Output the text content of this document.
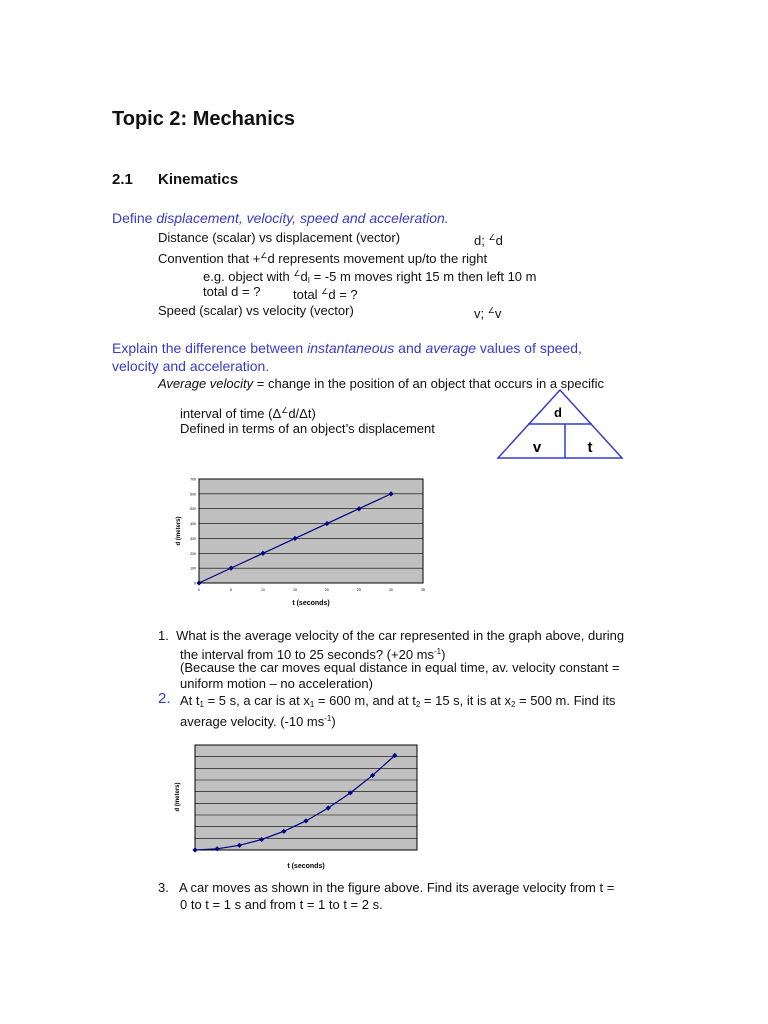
Topic 2: Mechanics
2.1 Kinematics
Define displacement, velocity, speed and acceleration.
Distance (scalar) vs displacement (vector)	d; ∠d
Convention that +∠d represents movement up/to the right
e.g. object with $^\angle d_I = -5$ m moves right 15 m then left 10 m
total d = ?	total ∠d = ?
Speed (scalar) vs velocity (vector)	v; ∠v
Explain the difference between instantaneous and average values of speed,
velocity and acceleration.
Average velocity = change in the position of an object that occurs in a specific
interval of time (Δ∠d/Δt)
Defined in terms of an object’s displacement
d
v	t
0	5	10	15	20	25	30	35
0
100
200
300
400
500
600
700
d (meters)
t (seconds)
1. What is the average velocity of the car represented in the graph above, during
the interval from 10 to 25 seconds? (+20 $ms^{-1}$)
(Because the car moves equal distance in equal time, av. velocity constant =
uniform motion – no acceleration)
2. At $t_1 = 5$ s, a car is at $x_1 = 600$ m, and at $t_2 = 15$ s, it is at $x_2 = 500$ m. Find its
average velocity. (-10 $ms^{-1}$)
d (meters)
t (seconds)
3. A car moves as shown in the figure above. Find its average velocity from t =
0 to t = 1 s and from t = 1 to t = 2 s.
